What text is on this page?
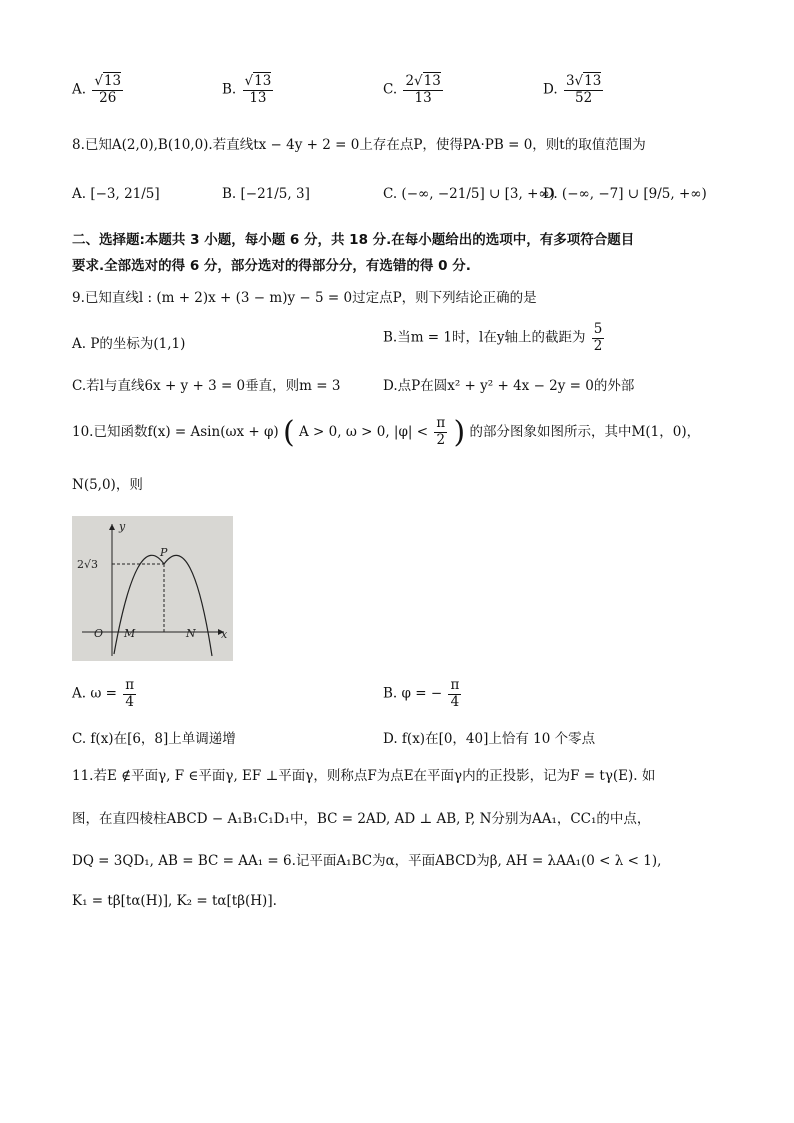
A. $\frac{√13}{26}$	B. $\frac{√13}{13}$	C. $\frac{2√13}{13}$	D. $\frac{3√13}{52}$
8.已知A(2,0),B(10,0).若直线tx − 4y + 2 = 0上存在点P，使得PA·PB = 0，则t的取值范围为
A. [−3, 21/5]	B. [−21/5, 3]	C. (−∞, −21/5] ∪ [3, +∞)
D. (−∞, −7] ∪ [9/5, +∞)
二、选择题:本题共 3 小题，每小题 6 分，共 18 分.在每小题给出的选项中，有多项符合题目
要求.全部选对的得 6 分，部分选对的得部分分，有选错的得 0 分.
9.已知直线l : (m + 2)x + (3 − m)y − 5 = 0过定点P，则下列结论正确的是
A. P的坐标为(1,1)	B.当m = 1时，l在y轴上的截距为 $\frac{5}{2}$
C.若l与直线6x + y + 3 = 0垂直，则m = 3	D.点P在圆x² + y² + 4x − 2y = 0的外部
10.已知函数f(x) = Asin(ωx + φ) ( A > 0, ω > 0, $|\varphi| < \frac{\pi}{2}$ ) 的部分图象如图所示，其中M(1，0)，
N(5,0)，则
y
x
O M	N
P
2√3
A. $\omega = \frac{\pi}{4}$	B. φ = − $\frac{\pi}{4}$
C. f(x)在[6，8]上单调递增	D. f(x)在[0，40]上恰有 10 个零点
11.若E ∉平面γ, F ∈平面γ, EF ⊥平面γ，则称点F为点E在平面γ内的正投影，记为F = tγ(E). 如
图，在直四棱柱ABCD − A₁B₁C₁D₁中，BC = 2AD, AD ⊥ AB, P, N分别为AA₁，CC₁的中点，
DQ = 3QD₁, AB = BC = AA₁ = 6.记平面A₁BC为α，平面ABCD为β, AH = λAA₁(0 < λ < 1),
K₁ = tβ[tα(H)], K₂ = tα[tβ(H)].
